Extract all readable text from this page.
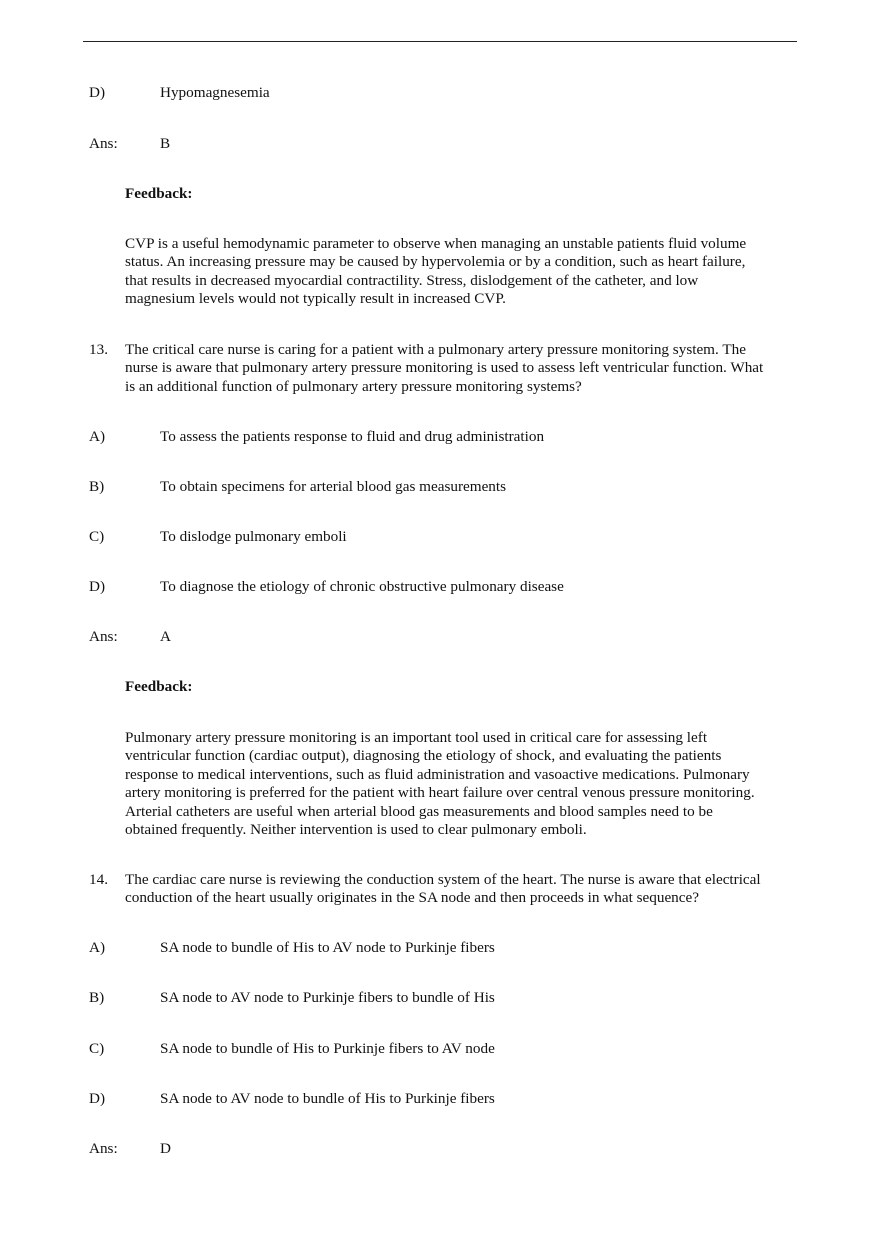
D)	Hypomagnesemia
Ans:	B
Feedback:
CVP is a useful hemodynamic parameter to observe when managing an unstable patients fluid volume
status. An increasing pressure may be caused by hypervolemia or by a condition, such as heart failure,
that results in decreased myocardial contractility. Stress, dislodgement of the catheter, and low
magnesium levels would not typically result in increased CVP.
13. The critical care nurse is caring for a patient with a pulmonary artery pressure monitoring system. The
nurse is aware that pulmonary artery pressure monitoring is used to assess left ventricular function. What
is an additional function of pulmonary artery pressure monitoring systems?
A)	To assess the patients response to fluid and drug administration
B)	To obtain specimens for arterial blood gas measurements
C)	To dislodge pulmonary emboli
D)	To diagnose the etiology of chronic obstructive pulmonary disease
Ans:	A
Feedback:
Pulmonary artery pressure monitoring is an important tool used in critical care for assessing left
ventricular function (cardiac output), diagnosing the etiology of shock, and evaluating the patients
response to medical interventions, such as fluid administration and vasoactive medications. Pulmonary
artery monitoring is preferred for the patient with heart failure over central venous pressure monitoring.
Arterial catheters are useful when arterial blood gas measurements and blood samples need to be
obtained frequently. Neither intervention is used to clear pulmonary emboli.
14. The cardiac care nurse is reviewing the conduction system of the heart. The nurse is aware that electrical
conduction of the heart usually originates in the SA node and then proceeds in what sequence?
A)	SA node to bundle of His to AV node to Purkinje fibers
B)	SA node to AV node to Purkinje fibers to bundle of His
C)	SA node to bundle of His to Purkinje fibers to AV node
D)	SA node to AV node to bundle of His to Purkinje fibers
Ans:	D
